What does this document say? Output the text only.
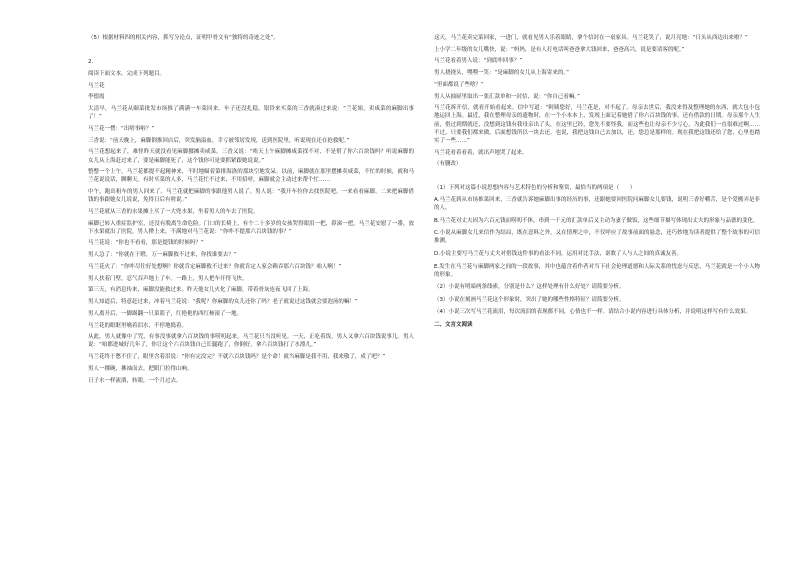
（5）根据材料四的相关内容，抓写分论点，证明甲骨文有“独特的奇迹之处”。

2.

阅读下面文本，完成下列题目。

马兰花

李德霞

大清早，马兰花从颐菜批发市场推了满满一车菜回来。车子还没扎稳，银铃来买菜的三香就凑过来说：“兰花姐，卖咸菜的麻脚出事了！”

马兰花一愣：“出啥事啦？”

三香说：“前天晚上，麻脚倒推回店后，突发脑溢血，幸亏被邻居发现，送到医院里，听说现在还在抢救呢。”

马兰花想起来了，难怪昨天就没看见麻脚挪摊卖咸菜。三香又说：“唉天上午麻脚摊咸菜找不对，不是借了你六百块钱吗？听说麻脚的女儿从上海赶过来了，要是麻脚能死了，这个钱你可是要抓紧跟她说说。”

整整一个上午，马兰花都提不起精神来，不时地瞄着第排海洛的那块空地发呆。以前，麻脚就在那里摆摊卖咸菜，不忙的时候，就和马兰花说说话，聊聊天。有时买菜的人多，马兰花忙不过来，不用招呼，麻脚就会主动过来帮个忙……

中午，跑出租车的男人回来了。马兰花就把麻脚的事跟他男人说了。男人说：“我开车拉你去找医院吧。一来看看麻脚，二来把麻脚借钱的事跟她女儿说说，免得日后有啥说。”

马兰花就从三香的水果摊上买了一大兜水果，坐着男人的车去了医院。

麻脚已转入重症监护室，还没有脱离生命危险。门口的长椅上，有个二十多岁的女孩哭得眼泪一把，鼻涕一把。马兰花安慰了一番，放下水果就出了医院。男人撵上来，不满地对马兰花说：“你咋不提那六百块钱的事？”

马兰花说：“你也不看看，那是提钱的时候吗？”

男人急了：“你就在干瞪，万一麻脚救不过来，你找谁要去？”

马兰花火了：“你咋尽往好处想啊？你就肯定麻脚救不过来？你就肯定人家会赖吞那六百块钱？咱人啊！”

男人扶着门壁，忍气吞声地上了车。一路上，男人把车开得飞快。

第三天，有消息传来，麻脚没能救过来。昨天他女儿火化了麻脚，带着骨灰连夜飞回了上海。

男人知道后，特意赶过来，冲着马兰花说：“我呢？你麻脚的女儿还你了吗？老子就说过这钱就会要泡汤的嘛！”

男人离开后，一脚踢翻一只菜篮子，红艳艳的西红柿滚了一地。

马兰花的眼眶里噙着泪水，不停地捣着。

从此，男人就像中了咒，有事没事就拿六百块钱的事唠叨起来。马兰花只当没听见。一天，正吃着饭，男人又拿六百块钱说事儿。男人说：“咱都进城好几年了，你让这个六百块钱自己长腿跑了，你倒好，拿六百块钱打了水漂儿。”

马兰花终于憋不住了，眼里含着泪说：“你有完没完？不就六百块钱吗？是个命！就当麻脚是我不用，我来敬了，成了吧？”

男人一撂碗，拂袖而去。把眼门拉得山响。

日子水一样流淌，转眼，一个月过去。

这天，马兰花卖完菜回家，一进门，就看见男人乐着眼睛，拿个信封在一桌家具。马兰花笑了，说月亮地：“日头从西边出来啦？”

上小学二年级的女儿嘴快，说：“妈妈，是有人打电话叫爸爸拿大钱回来，爸爸高兴，说是要请客的呢。”

马兰花看着男人说：“到底咋回事？”

男人挠挠头，嘿嘿一笑：“是麻脚的女儿从上海寄来的。”

“里面都说了些啥？”

男人从抽屉里取出一张汇款单和一封信，说：“你自己看嘛。”

马兰花拆开信，就看开始看起来。信中写道：“阿姨您好，马兰花是，对不起了。母亲去世后，我没来得及整理她的东西，就大包小包地运回上海。最近，我在整理母亲的遗物时，在一个小本本上，发现上面记着她借了你六百块钱的事，还有借款的日期。母亲那个人生前，借过到期就还，没想到这钱有我母亲出了头，在这里已经，您先不要怪我，而这些也让母亲不少亏心，为此我们一直很难过啊……不过，只要我们都来做，后面想钱所以一块去还。也说，我把这钱自己去加以，还，您总是那样的。现在我把这钱还给了您，心里也踏实了一些……”

马兰花看着看着，就出声地哭了起来。

（有删改）

（1）下列对这篇小说思想内容与艺术特色的分析和鉴赏，最恰当的两项是（　　）

A.马兰花到从市场推菜回来，三香就告诉她麻脚出事的经历的事，还跟她要回医院问麻脚女儿要钱，说明三香好嚼舌，是个爱搬弄是非的人。

B.马兰花对丈夫因为六百元钱而唠叨不休，串到一千元的汇款单后又主动为妻子做饭，这些细节描写体现出丈夫的形象与品德的变化。

C.小说从麻脚女儿来信作为结局，既在意料之外，又在情理之中，不仅呼应了故事前面的悬念，还巧妙地为读者提供了整个故事的可信推测。

D.小说主要写马兰花与丈夫对借钱这件事的看法不同，运用对比手法，讴歌了人与人之间的真诚友善。

E.发生在马兰花与麻脚两家之间的一段故事，其中也蕴含着作者对当下社会伦理道德和人际关系的忧虑与反思，马兰花就是一个小人物的形象。

（2）小说有明暗两条线索，分别是什么？这样处理有什么好处？请简要分析。

（3）小说在刻画马兰花这个形象时，突出了她的哪些性格特征？请简要分析。

（4）小说三次写马兰花流泪，每次流泪的表现都不同，心情也不一样。请结合小说内容进行具体分析，并说明这样写有什么效果。

二、文言文阅读
